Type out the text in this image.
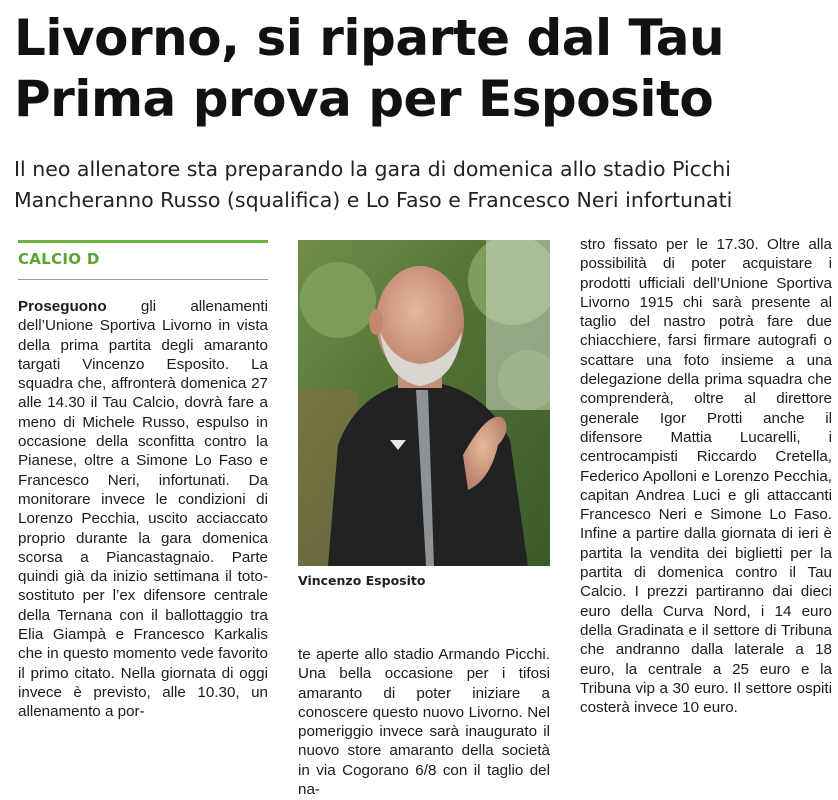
Livorno, si riparte dal Tau
Prima prova per Esposito
Il neo allenatore sta preparando la gara di domenica allo stadio Picchi
Mancheranno Russo (squalifica) e Lo Faso e Francesco Neri infortunati
CALCIO D

Proseguono gli allenamenti dell’Unione Sportiva Livorno in vista della prima partita degli amaranto targati Vincenzo Esposito. La squadra che, affronterà domenica 27 alle 14.30 il Tau Calcio, dovrà fare a meno di Michele Russo, espulso in occasione della sconfitta contro la Pianese, oltre a Simone Lo Faso e Francesco Neri, infortunati. Da monitorare invece le condizioni di Lorenzo Pecchia, uscito acciaccato proprio durante la gara domenica scorsa a Piancastagnaio. Parte quindi già da inizio settimana il toto-sostituto per l’ex difensore centrale della Ternana con il ballottaggio tra Elia Giampà e Francesco Karkalis che in questo momento vede favorito il primo citato. Nella giornata di oggi invece è previsto, alle 10.30, un allenamento a por-

Vincenzo Esposito

te aperte allo stadio Armando Picchi. Una bella occasione per i tifosi amaranto di poter iniziare a conoscere questo nuovo Livorno. Nel pomeriggio invece sarà inaugurato il nuovo store amaranto della società in via Cogorano 6/8 con il taglio del na-

stro fissato per le 17.30. Oltre alla possibilità di poter acquistare i prodotti ufficiali dell’Unione Sportiva Livorno 1915 chi sarà presente al taglio del nastro potrà fare due chiacchiere, farsi firmare autografi o scattare una foto insieme a una delegazione della prima squadra che comprenderà, oltre al direttore generale Igor Protti anche il difensore Mattia Lucarelli, i centrocampisti Riccardo Cretella, Federico Apolloni e Lorenzo Pecchia, capitan Andrea Luci e gli attaccanti Francesco Neri e Simone Lo Faso. Infine a partire dalla giornata di ieri è partita la vendita dei biglietti per la partita di domenica contro il Tau Calcio. I prezzi partiranno dai dieci euro della Curva Nord, i 14 euro della Gradinata e il settore di Tribuna che andranno dalla laterale a 18 euro, la centrale a 25 euro e la Tribuna vip a 30 euro. Il settore ospiti costerà invece 10 euro.
